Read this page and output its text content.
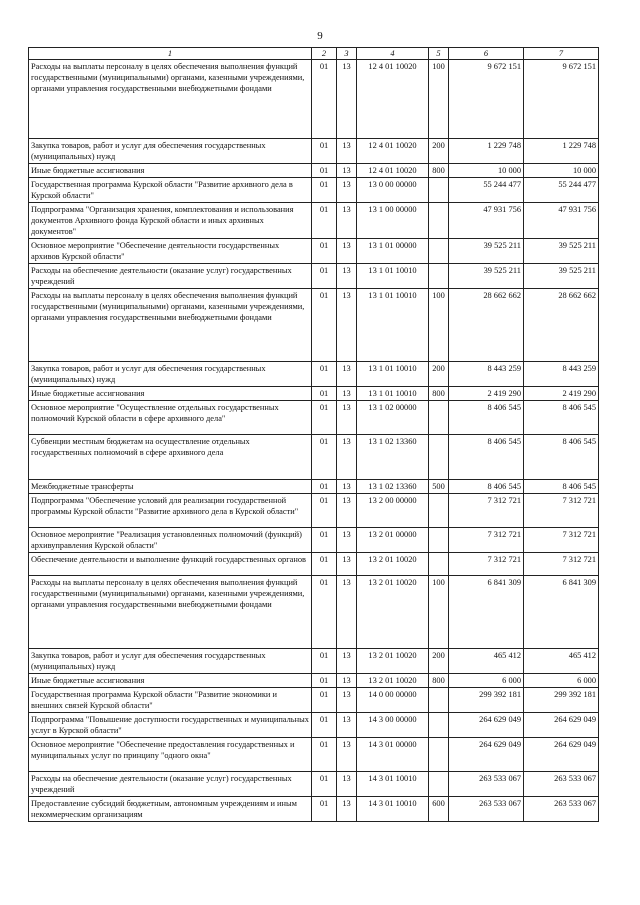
9
1	2	3	4	5	6	7
Расходы на выплаты персоналу в целях обеспечения выполнения функций государственными (муниципальными) органами, казенными учреждениями, органами управления государственными внебюджетными фондами	01	13	12 4 01 10020	100	9 672 151	9 672 151
Закупка товаров, работ и услуг для обеспечения государственных (муниципальных) нужд	01	13	12 4 01 10020	200	1 229 748	1 229 748
Иные бюджетные ассигнования	01	13	12 4 01 10020	800	10 000	10 000
Государственная программа Курской области "Развитие архивного дела в Курской области"	01	13	13 0 00 00000		55 244 477	55 244 477
Подпрограмма "Организация хранения, комплектования и использования документов Архивного фонда Курской области и иных архивных документов"	01	13	13 1 00 00000		47 931 756	47 931 756
Основное мероприятие "Обеспечение деятельности государственных архивов Курской области"	01	13	13 1 01 00000		39 525 211	39 525 211
Расходы на обеспечение деятельности (оказание услуг) государственных учреждений	01	13	13 1 01 10010		39 525 211	39 525 211
Расходы на выплаты персоналу в целях обеспечения выполнения функций государственными (муниципальными) органами, казенными учреждениями, органами управления государственными внебюджетными фондами	01	13	13 1 01 10010	100	28 662 662	28 662 662
Закупка товаров, работ и услуг для обеспечения государственных (муниципальных) нужд	01	13	13 1 01 10010	200	8 443 259	8 443 259
Иные бюджетные ассигнования	01	13	13 1 01 10010	800	2 419 290	2 419 290
Основное мероприятие "Осуществление отдельных государственных полномочий Курской области в сфере архивного дела"	01	13	13 1 02 00000		8 406 545	8 406 545
Субвенции местным бюджетам на осуществление отдельных государственных полномочий в сфере архивного дела	01	13	13 1 02 13360		8 406 545	8 406 545
Межбюджетные трансферты	01	13	13 1 02 13360	500	8 406 545	8 406 545
Подпрограмма "Обеспечение условий для реализации государственной программы Курской области "Развитие архивного дела в Курской области"	01	13	13 2 00 00000		7 312 721	7 312 721
Основное мероприятие "Реализация установленных полномочий (функций) архивуправления Курской области"	01	13	13 2 01 00000		7 312 721	7 312 721
Обеспечение деятельности и выполнение функций государственных органов	01	13	13 2 01 10020		7 312 721	7 312 721
Расходы на выплаты персоналу в целях обеспечения выполнения функций государственными (муниципальными) органами, казенными учреждениями, органами управления государственными внебюджетными фондами	01	13	13 2 01 10020	100	6 841 309	6 841 309
Закупка товаров, работ и услуг для обеспечения государственных (муниципальных) нужд	01	13	13 2 01 10020	200	465 412	465 412
Иные бюджетные ассигнования	01	13	13 2 01 10020	800	6 000	6 000
Государственная программа Курской области "Развитие экономики и внешних связей Курской области"	01	13	14 0 00 00000		299 392 181	299 392 181
Подпрограмма "Повышение доступности государственных и муниципальных услуг в Курской области"	01	13	14 3 00 00000		264 629 049	264 629 049
Основное мероприятие "Обеспечение предоставления государственных и муниципальных услуг по принципу "одного окна"	01	13	14 3 01 00000		264 629 049	264 629 049
Расходы на обеспечение деятельности (оказание услуг) государственных учреждений	01	13	14 3 01 10010		263 533 067	263 533 067
Предоставление субсидий бюджетным, автономным учреждениям и иным некоммерческим организациям	01	13	14 3 01 10010	600	263 533 067	263 533 067
